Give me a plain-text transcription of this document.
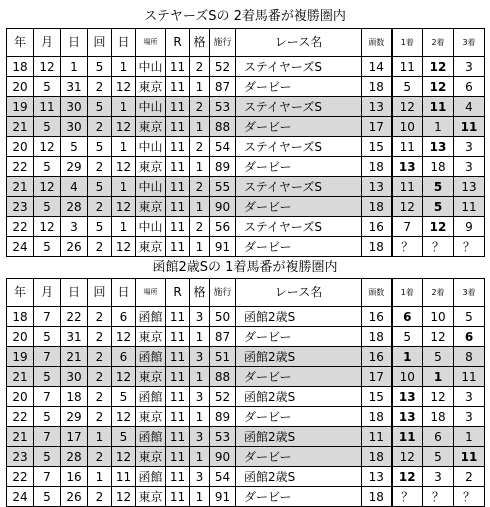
ステヤーズSの 2着馬番が複勝圏内
年	月	日	回	日	場所	R	格	施行	レース名	頭数	1着	2着	3着
18	12	1	5	1	中山	11	2	52	ステイヤーズS	14	11	12	3
20	5	31	2	12	東京	11	1	87	ダービー	18	5	12	6
19	11	30	5	1	中山	11	2	53	ステイヤーズS	13	12	11	4
21	5	30	2	12	東京	11	1	88	ダービー	17	10	1	11
20	12	5	5	1	中山	11	2	54	ステイヤーズS	15	11	13	3
22	5	29	2	12	東京	11	1	89	ダービー	18	13	18	3
21	12	4	5	1	中山	11	2	55	ステイヤーズS	13	11	5	13
23	5	28	2	12	東京	11	1	90	ダービー	18	12	5	11
22	12	3	5	1	中山	11	2	56	ステイヤーズS	16	7	12	9
24	5	26	2	12	東京	11	1	91	ダービー	18	？	？	？
函館2歳Sの 1着馬番が複勝圏内
年	月	日	回	日	場所	R	格	施行	レース名	頭数	1着	2着	3着
18	7	22	2	6	函館	11	3	50	函館2歳S	16	6	10	5
20	5	31	2	12	東京	11	1	87	ダービー	18	5	12	6
19	7	21	2	6	函館	11	3	51	函館2歳S	16	1	5	8
21	5	30	2	12	東京	11	1	88	ダービー	17	10	1	11
20	7	18	2	5	函館	11	3	52	函館2歳S	15	13	12	3
22	5	29	2	12	東京	11	1	89	ダービー	18	13	18	3
21	7	17	1	5	函館	11	3	53	函館2歳S	11	11	6	1
23	5	28	2	12	東京	11	1	90	ダービー	18	12	5	11
22	7	16	1	11	函館	11	3	54	函館2歳S	13	12	3	2
24	5	26	2	12	東京	11	1	91	ダービー	18	？	？	？
